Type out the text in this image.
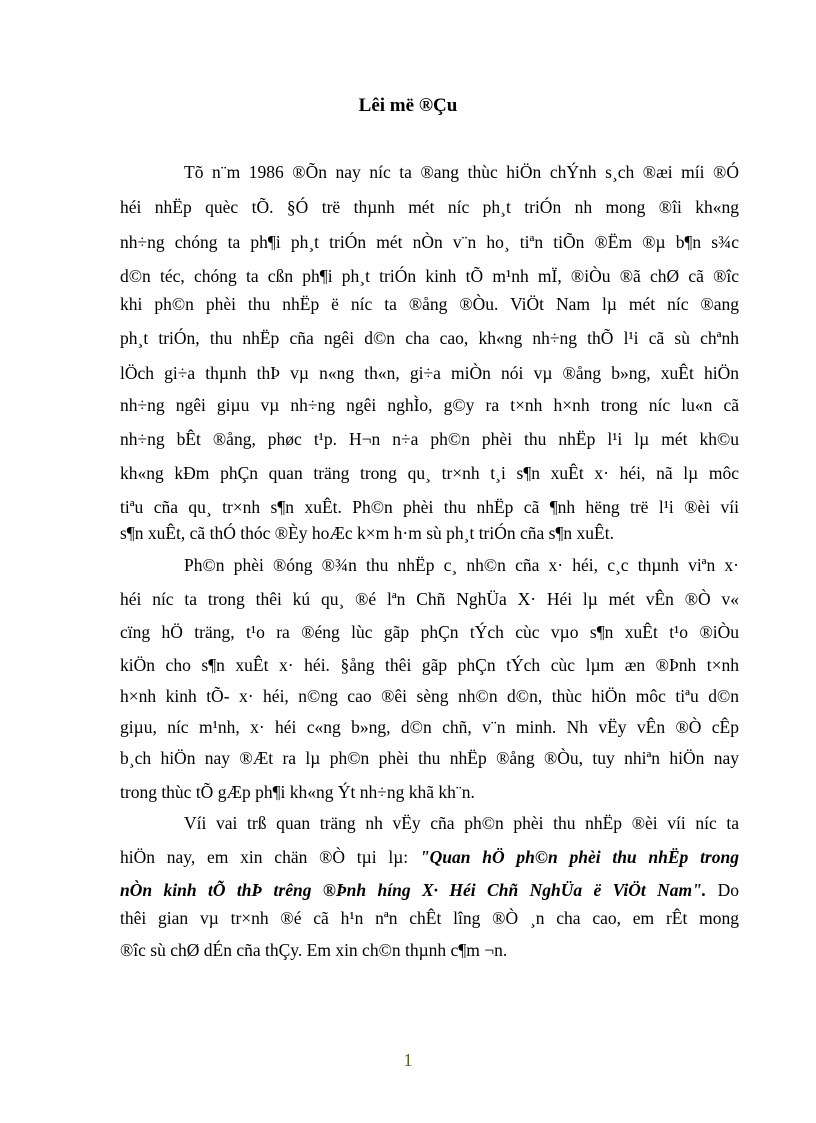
Lêi më ®Çu

Tõ n¨m 1986 ®Õn nay níc ta ®ang thùc hiÖn chÝnh s¸ch ®æi míi ®Ó

héi nhËp quèc tÕ. §Ó trë thµnh mét níc ph¸t triÓn nh mong ®îi kh«ng

nh÷ng chóng ta ph¶i ph¸t triÓn mét nÒn v¨n ho¸ tiªn tiÕn ®Ëm ®µ b¶n s¾c

d©n téc, chóng ta cßn ph¶i ph¸t triÓn kinh tÕ m¹nh mÏ, ®iÒu ®ã chØ cã ®îc

khi ph©n phèi thu nhËp ë níc ta ®ång ®Òu. ViÖt Nam lµ mét níc ®ang

ph¸t triÓn, thu nhËp cña ngêi d©n cha cao, kh«ng nh÷ng thÕ l¹i cã sù chªnh

lÖch gi÷a thµnh thÞ vµ n«ng th«n, gi÷a miÒn nói vµ ®ång b»ng, xuÊt hiÖn

nh÷ng ngêi giµu vµ nh÷ng ngêi nghÌo, g©y ra t×nh h×nh trong níc lu«n cã

nh÷ng bÊt ®ång, phøc t¹p. H¬n n÷a ph©n phèi thu nhËp l¹i lµ mét kh©u

kh«ng kÐm phÇn quan träng trong qu¸ tr×nh t¸i s¶n xuÊt x· héi, nã lµ môc

tiªu cña qu¸ tr×nh s¶n xuÊt. Ph©n phèi thu nhËp cã ¶nh hëng trë l¹i ®èi víi

s¶n xuÊt, cã thÓ thóc ®Èy hoÆc k×m h·m sù ph¸t triÓn cña s¶n xuÊt.

Ph©n phèi ®óng ®¾n thu nhËp c¸ nh©n cña x· héi, c¸c thµnh viªn x·

héi níc ta trong thêi kú qu¸ ®é lªn Chñ NghÜa X· Héi lµ mét vÊn ®Ò v«

cïng hÖ träng, t¹o ra ®éng lùc gãp phÇn tÝch cùc vµo s¶n xuÊt t¹o ®iÒu

kiÖn cho s¶n xuÊt x· héi. §ång thêi gãp phÇn tÝch cùc lµm æn ®Þnh t×nh

h×nh kinh tÕ- x· héi, n©ng cao ®êi sèng nh©n d©n, thùc hiÖn môc tiªu d©n

giµu, níc m¹nh, x· héi c«ng b»ng, d©n chñ, v¨n minh. Nh vËy vÊn ®Ò cÊp

b¸ch hiÖn nay ®Æt ra lµ ph©n phèi thu nhËp ®ång ®Òu, tuy nhiªn hiÖn nay

trong thùc tÕ gÆp ph¶i kh«ng Ýt nh÷ng khã kh¨n.

Víi vai trß quan träng nh vËy cña ph©n phèi thu nhËp ®èi víi níc ta

hiÖn nay, em xin chän ®Ò tµi lµ: "Quan hÖ ph©n phèi thu nhËp trong

nÒn kinh tÕ thÞ trêng ®Þnh híng X· Héi Chñ NghÜa ë ViÖt Nam". Do

thêi gian vµ tr×nh ®é cã h¹n nªn chÊt lîng ®Ò ¸n cha cao, em rÊt mong

®îc sù chØ dÉn cña thÇy. Em xin ch©n thµnh c¶m ¬n.

1
